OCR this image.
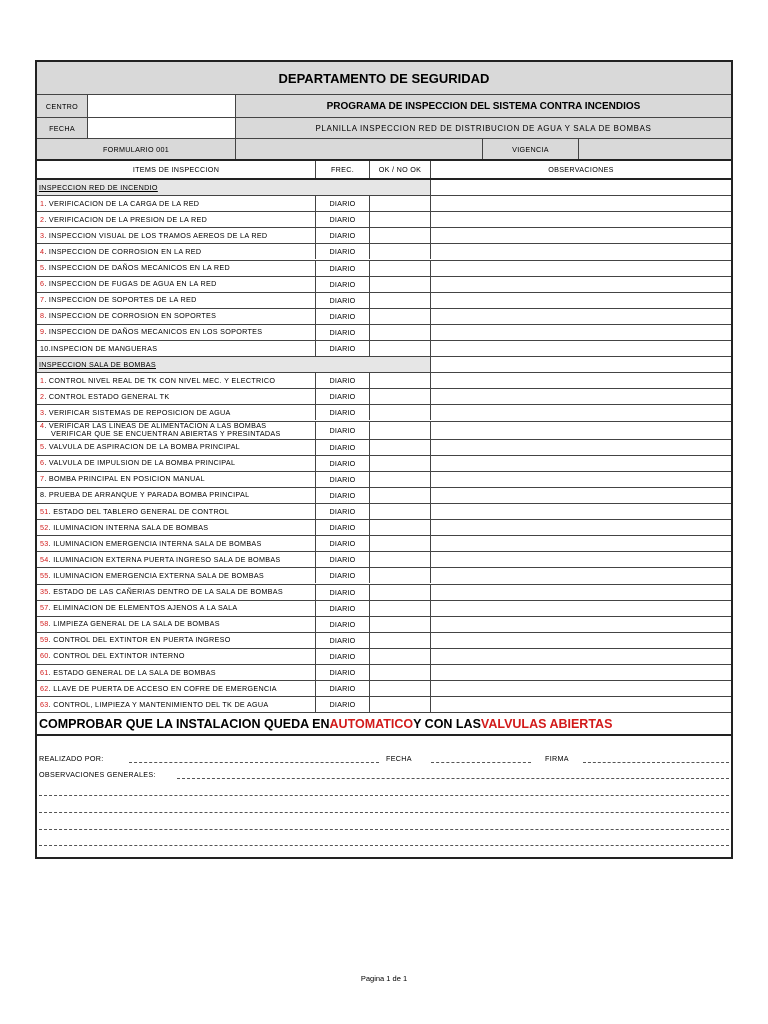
DEPARTAMENTO DE SEGURIDAD
CENTRO	PROGRAMA DE INSPECCION DEL SISTEMA CONTRA INCENDIOS
FECHA	PLANILLA INSPECCION RED DE DISTRIBUCION DE AGUA Y SALA DE BOMBAS
FORMULARIO 001	VIGENCIA
ITEMS DE INSPECCION	FREC.	OK / NO OK	OBSERVACIONES
COMPROBAR QUE LA INSTALACION QUEDA EN AUTOMATICO Y CON LAS VALVULAS ABIERTAS
REALIZADO POR:	FECHA	FIRMA
OBSERVACIONES GENERALES:
INSPECCION RED DE INCENDIO
1. VERIFICACION DE LA CARGA DE LA RED	DIARIO
2. VERIFICACION DE LA PRESION DE LA RED	DIARIO
3. INSPECCION VISUAL DE LOS TRAMOS AEREOS DE LA RED	DIARIO
4. INSPECCION DE CORROSION EN LA RED	DIARIO
5. INSPECCION DE DAÑOS MECANICOS EN LA RED	DIARIO
6. INSPECCION DE FUGAS DE AGUA EN LA RED	DIARIO
7. INSPECCION DE SOPORTES DE LA RED	DIARIO
8. INSPECCION DE CORROSION EN SOPORTES	DIARIO
9. INSPECCION DE DAÑOS MECANICOS EN LOS SOPORTES	DIARIO
10.INSPECION DE MANGUERAS	DIARIO
INSPECCION SALA DE BOMBAS
1. CONTROL NIVEL REAL DE TK CON NIVEL MEC. Y ELECTRICO	DIARIO
2. CONTROL ESTADO GENERAL TK	DIARIO
3. VERIFICAR SISTEMAS DE REPOSICION DE AGUA	DIARIO
4. VERIFICAR LAS LINEAS DE ALIMENTACION A LAS BOMBAS
VERIFICAR QUE SE ENCUENTRAN ABIERTAS Y PRESINTADAS	DIARIO
5. VALVULA DE ASPIRACION DE LA BOMBA PRINCIPAL	DIARIO
6. VALVULA DE IMPULSION DE LA BOMBA PRINCIPAL	DIARIO
7. BOMBA PRINCIPAL EN POSICION MANUAL	DIARIO
8. PRUEBA DE ARRANQUE Y PARADA BOMBA PRINCIPAL	DIARIO
51. ESTADO DEL TABLERO GENERAL DE CONTROL	DIARIO
52. ILUMINACION INTERNA SALA DE BOMBAS	DIARIO
53. ILUMINACION EMERGENCIA INTERNA SALA DE BOMBAS	DIARIO
54. ILUMINACION EXTERNA PUERTA INGRESO SALA DE BOMBAS	DIARIO
55. ILUMINACION EMERGENCIA EXTERNA SALA DE BOMBAS	DIARIO
35. ESTADO DE LAS CAÑERIAS DENTRO DE LA SALA DE BOMBAS	DIARIO
57. ELIMINACION DE ELEMENTOS AJENOS A LA SALA	DIARIO
58. LIMPIEZA GENERAL DE LA SALA DE BOMBAS	DIARIO
59. CONTROL DEL EXTINTOR EN PUERTA INGRESO	DIARIO
60. CONTROL DEL EXTINTOR INTERNO	DIARIO
61. ESTADO GENERAL DE LA SALA DE BOMBAS	DIARIO
62. LLAVE DE PUERTA DE ACCESO EN COFRE DE EMERGENCIA	DIARIO
63. CONTROL, LIMPIEZA Y MANTENIMIENTO DEL TK DE AGUA	DIARIO
Pagina 1 de 1
